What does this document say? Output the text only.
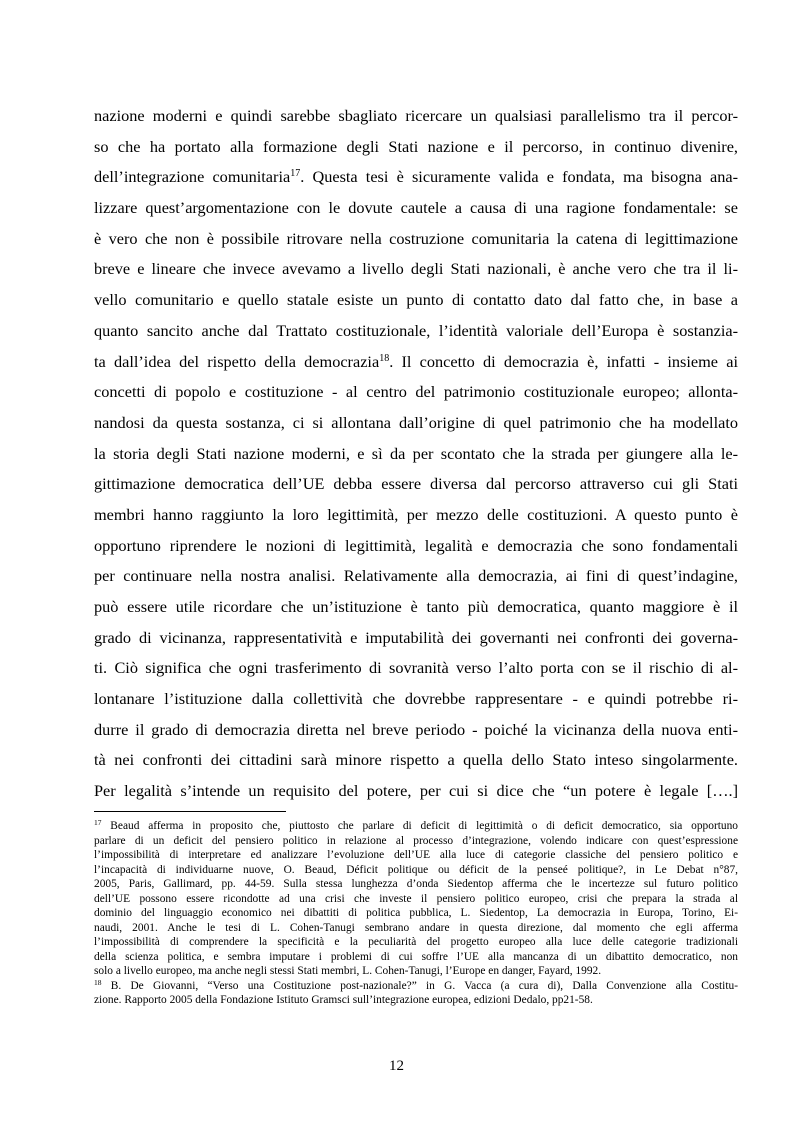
nazione moderni e quindi sarebbe sbagliato ricercare un qualsiasi parallelismo tra il percor-
so che ha portato alla formazione degli Stati nazione e il percorso, in continuo divenire,
dell’integrazione comunitaria$^{17}$. Questa tesi è sicuramente valida e fondata, ma bisogna ana-
lizzare quest’argomentazione con le dovute cautele a causa di una ragione fondamentale: se
è vero che non è possibile ritrovare nella costruzione comunitaria la catena di legittimazione
breve e lineare che invece avevamo a livello degli Stati nazionali, è anche vero che tra il li-
vello comunitario e quello statale esiste un punto di contatto dato dal fatto che, in base a
quanto sancito anche dal Trattato costituzionale, l’identità valoriale dell’Europa è sostanzia-
ta dall’idea del rispetto della democrazia$^{18}$. Il concetto di democrazia è, infatti - insieme ai
concetti di popolo e costituzione - al centro del patrimonio costituzionale europeo; allonta-
nandosi da questa sostanza, ci si allontana dall’origine di quel patrimonio che ha modellato
la storia degli Stati nazione moderni, e sì da per scontato che la strada per giungere alla le-
gittimazione democratica dell’UE debba essere diversa dal percorso attraverso cui gli Stati
membri hanno raggiunto la loro legittimità, per mezzo delle costituzioni. A questo punto è
opportuno riprendere le nozioni di legittimità, legalità e democrazia che sono fondamentali
per continuare nella nostra analisi. Relativamente alla democrazia, ai fini di quest’indagine,
può essere utile ricordare che un’istituzione è tanto più democratica, quanto maggiore è il
grado di vicinanza, rappresentatività e imputabilità dei governanti nei confronti dei governa-
ti. Ciò significa che ogni trasferimento di sovranità verso l’alto porta con se il rischio di al-
lontanare l’istituzione dalla collettività che dovrebbe rappresentare - e quindi potrebbe ri-
durre il grado di democrazia diretta nel breve periodo - poiché la vicinanza della nuova enti-
tà nei confronti dei cittadini sarà minore rispetto a quella dello Stato inteso singolarmente.
Per legalità s’intende un requisito del potere, per cui si dice che “un potere è legale [….]
$^{17}$ Beaud afferma in proposito che, piuttosto che parlare di deficit di legittimità o di deficit democratico, sia opportuno
parlare di un deficit del pensiero politico in relazione al processo d’integrazione, volendo indicare con quest’espressione
l’impossibilità di interpretare ed analizzare l’evoluzione dell’UE alla luce di categorie classiche del pensiero politico e
l’incapacità di individuarne nuove, O. Beaud, Déficit politique ou déficit de la penseé politique?, in Le Debat n°87,
2005, Paris, Gallimard, pp. 44-59. Sulla stessa lunghezza d’onda Siedentop afferma che le incertezze sul futuro politico
dell’UE possono essere ricondotte ad una crisi che investe il pensiero politico europeo, crisi che prepara la strada al
dominio del linguaggio economico nei dibattiti di politica pubblica, L. Siedentop, La democrazia in Europa, Torino, Ei-
naudi, 2001. Anche le tesi di L. Cohen-Tanugi sembrano andare in questa direzione, dal momento che egli afferma
l’impossibilità di comprendere la specificità e la peculiarità del progetto europeo alla luce delle categorie tradizionali
della scienza politica, e sembra imputare i problemi di cui soffre l’UE alla mancanza di un dibattito democratico, non
solo a livello europeo, ma anche negli stessi Stati membri, L. Cohen-Tanugi, l’Europe en danger, Fayard, 1992.
$^{18}$ B. De Giovanni, “Verso una Costituzione post-nazionale?” in G. Vacca (a cura di), Dalla Convenzione alla Costitu-
zione. Rapporto 2005 della Fondazione Istituto Gramsci sull’integrazione europea, edizioni Dedalo, pp21-58.
12
